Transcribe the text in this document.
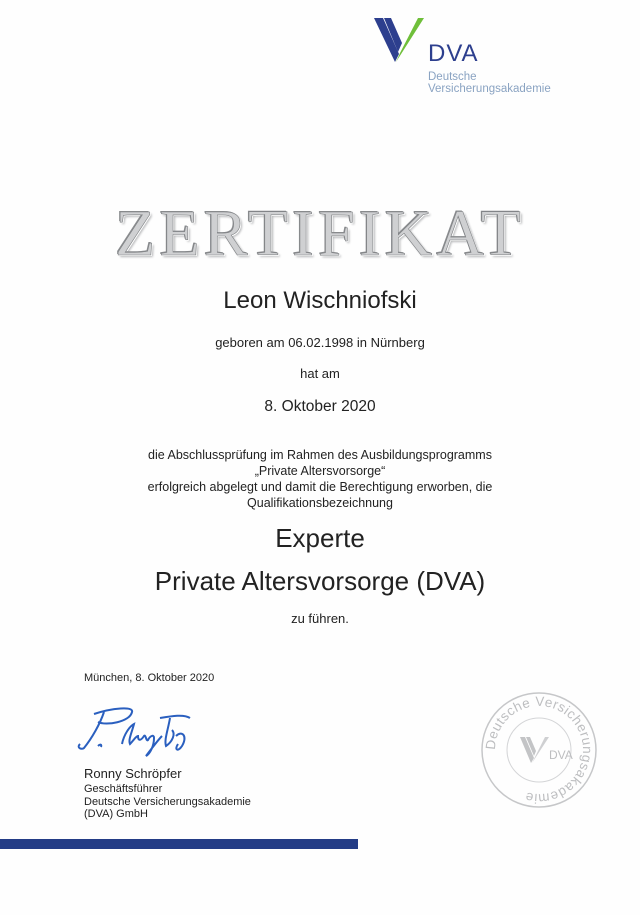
DVA
Deutsche
Versicherungsakademie
ZERTIFIKAT
Leon Wischniofski
geboren am 06.02.1998 in Nürnberg
hat am
8. Oktober 2020
die Abschlussprüfung im Rahmen des Ausbildungsprogramms
„Private Altersvorsorge“
erfolgreich abgelegt und damit die Berechtigung erworben, die
Qualifikationsbezeichnung
Experte
Private Altersvorsorge (DVA)
zu führen.
München, 8. Oktober 2020
Ronny Schröpfer
Geschäftsführer
Deutsche Versicherungsakademie
(DVA) GmbH
Deutsche Versicherungsakademie
DVA
